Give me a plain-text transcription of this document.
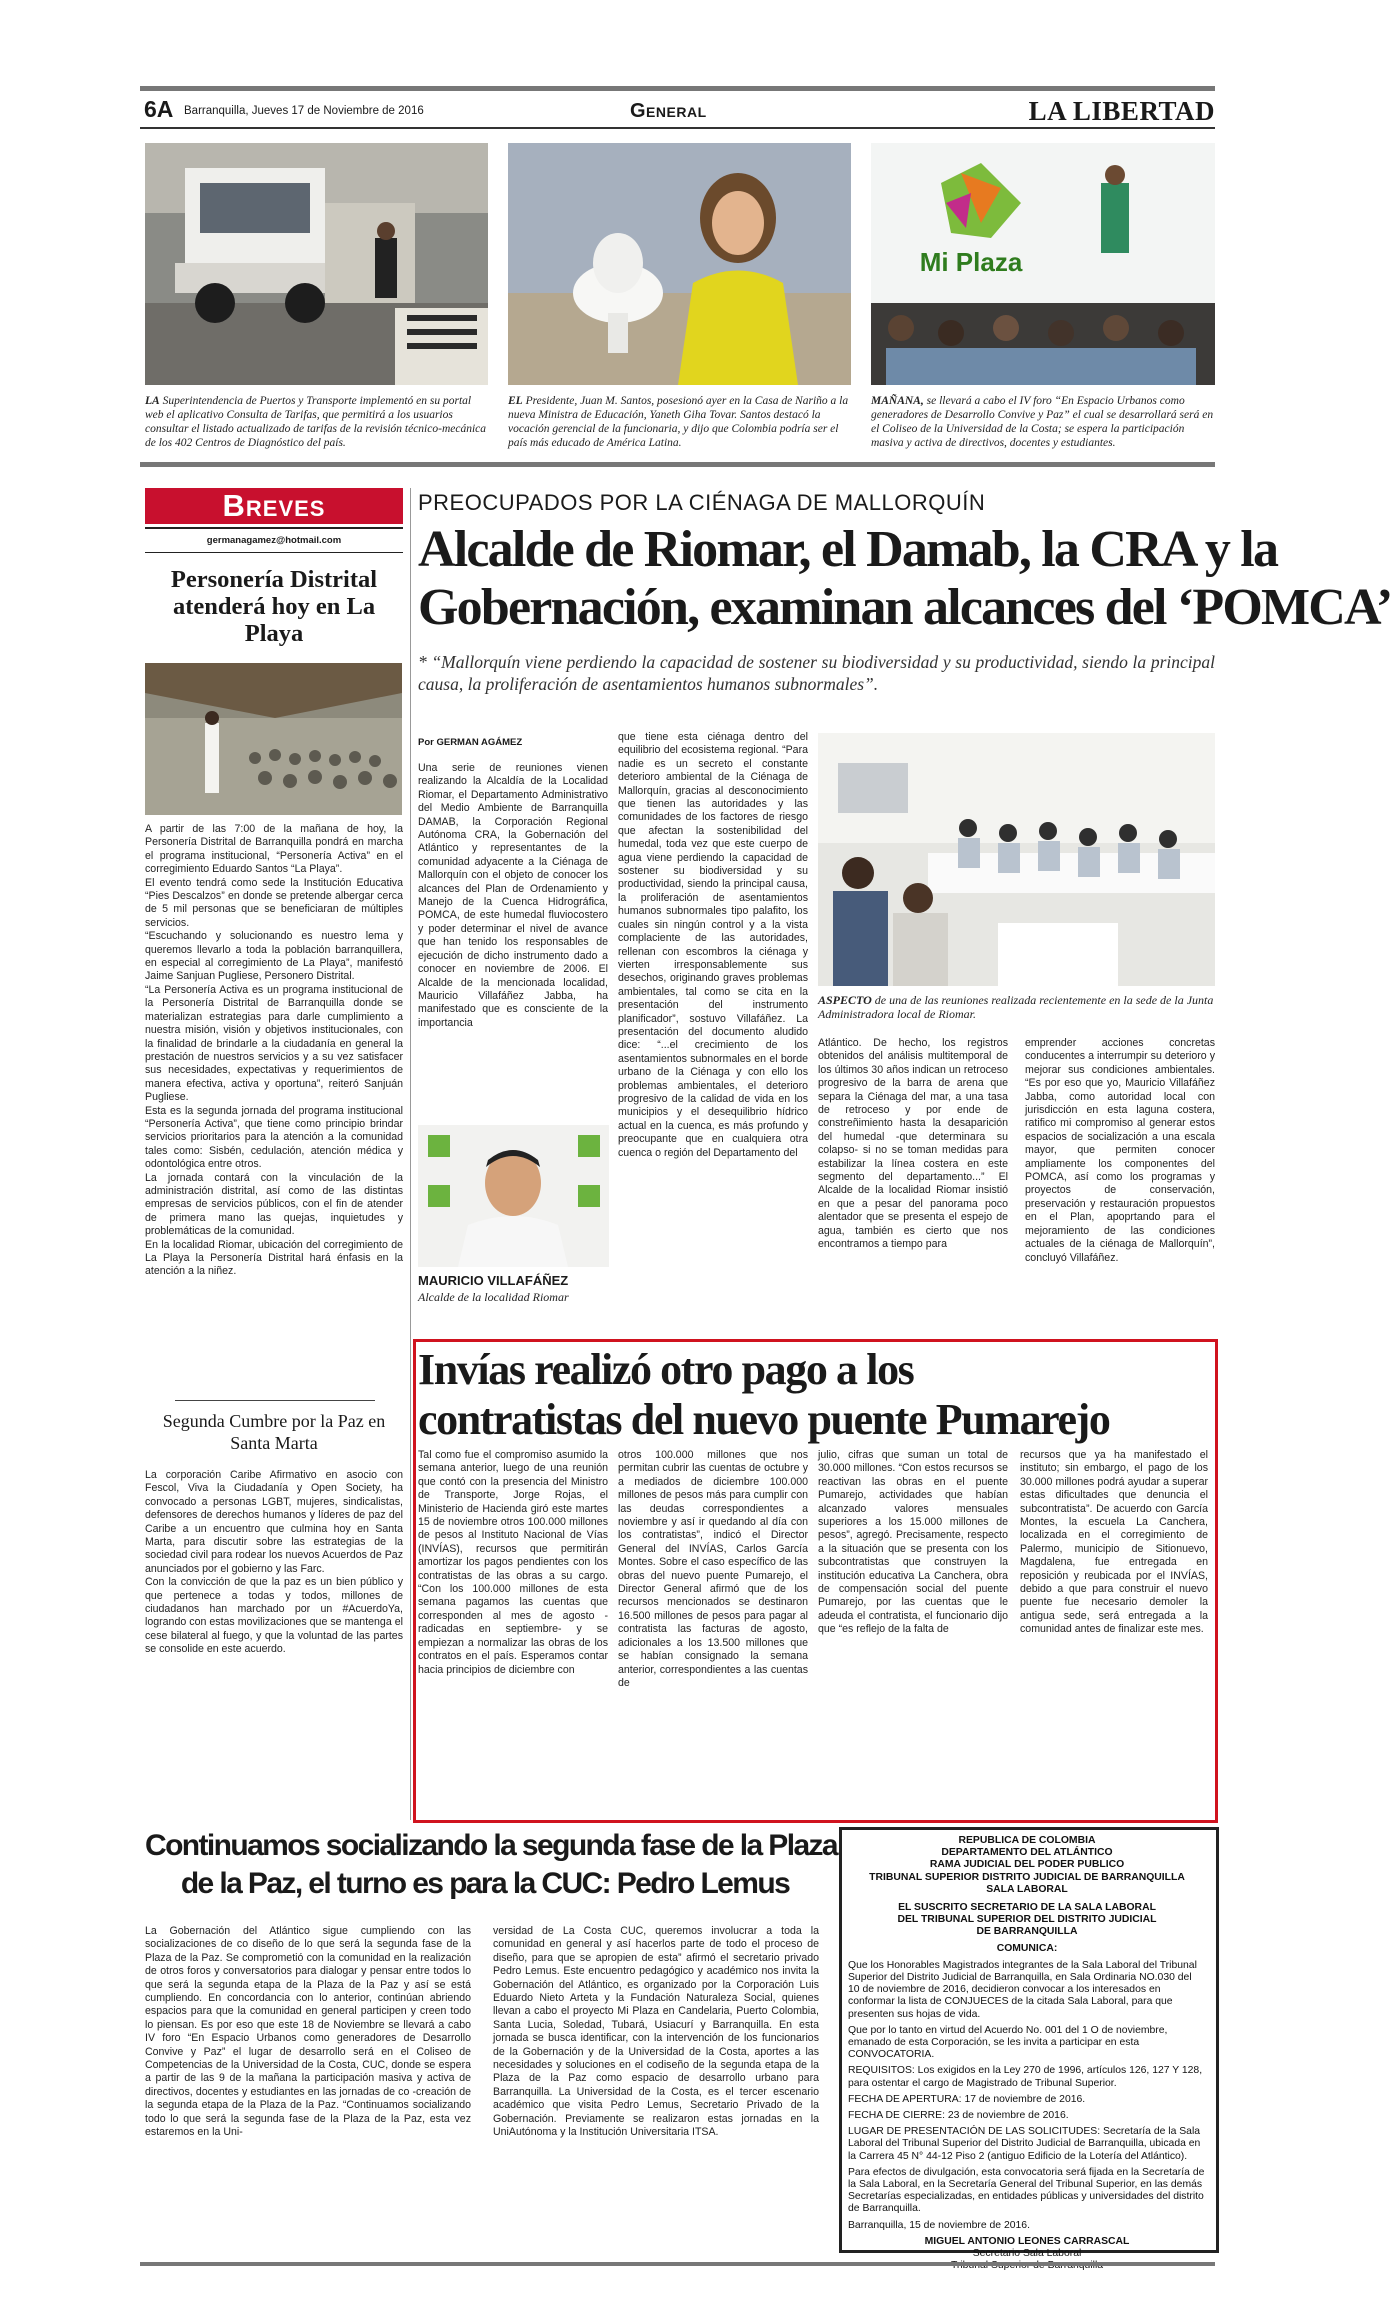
6A Barranquilla, Jueves 17 de Noviembre de 2016	General	LA LIBERTAD
Mi Plaza
LA Superintendencia de Puertos y Transporte implementó en su portal web el aplicativo Consulta de Tarifas, que permitirá a los usuarios consultar el listado actualizado de tarifas de la revisión técnico-mecánica de los 402 Centros de Diagnóstico del país.
EL Presidente, Juan M. Santos, posesionó ayer en la Casa de Nariño a la nueva Ministra de Educación, Yaneth Giha Tovar. Santos destacó la vocación gerencial de la funcionaria, y dijo que Colombia podría ser el país más educado de América Latina.
MAÑANA, se llevará a cabo el IV foro “En Espacio Urbanos como generadores de Desarrollo Convive y Paz” el cual se desarrollará será en el Coliseo de la Universidad de la Costa; se espera la participación masiva y activa de directivos, docentes y estudiantes.
Breves
germanagamez@hotmail.com
Personería Distrital atenderá hoy en La Playa
A partir de las 7:00 de la mañana de hoy, la Personería Distrital de Barranquilla pondrá en marcha el programa institucional, “Personería Activa” en el corregimiento Eduardo Santos “La Playa”.
El evento tendrá como sede la Institución Educativa “Pies Descalzos” en donde se pretende albergar cerca de 5 mil personas que se beneficiaran de múltiples servicios.
“Escuchando y solucionando es nuestro lema y queremos llevarlo a toda la población barranquillera, en especial al corregimiento de La Playa”, manifestó Jaime Sanjuan Pugliese, Personero Distrital.
“La Personería Activa es un programa institucional de la Personería Distrital de Barranquilla donde se materializan estrategias para darle cumplimiento a nuestra misión, visión y objetivos institucionales, con la finalidad de brindarle a la ciudadanía en general la prestación de nuestros servicios y a su vez satisfacer sus necesidades, expectativas y requerimientos de manera efectiva, activa y oportuna”, reiteró Sanjuán Pugliese.
Esta es la segunda jornada del programa institucional “Personería Activa”, que tiene como principio brindar servicios prioritarios para la atención a la comunidad tales como: Sisbén, cedulación, atención médica y odontológica entre otros.
La jornada contará con la vinculación de la administración distrital, así como de las distintas empresas de servicios públicos, con el fin de atender de primera mano las quejas, inquietudes y problemáticas de la comunidad.
En la localidad Riomar, ubicación del corregimiento de La Playa la Personería Distrital hará énfasis en la atención a la niñez.
Segunda Cumbre por la Paz en Santa Marta
La corporación Caribe Afirmativo en asocio con Fescol, Viva la Ciudadanía y Open Society, ha convocado a personas LGBT, mujeres, sindicalistas, defensores de derechos humanos y líderes de paz del Caribe a un encuentro que culmina hoy en Santa Marta, para discutir sobre las estrategias de la sociedad civil para rodear los nuevos Acuerdos de Paz anunciados por el gobierno y las Farc.
Con la convicción de que la paz es un bien público y que pertenece a todas y todos, millones de ciudadanos han marchado por un #AcuerdoYa, logrando con estas movilizaciones que se mantenga el cese bilateral al fuego, y que la voluntad de las partes se consolide en este acuerdo.
PREOCUPADOS POR LA CIÉNAGA DE MALLORQUÍN
Alcalde de Riomar, el Damab, la CRA y la
Gobernación, examinan alcances del ‘POMCA’
* “Mallorquín viene perdiendo la capacidad de sostener su biodiversidad y su productividad, siendo la principal causa, la proliferación de asentamientos humanos subnormales”.
Por GERMAN AGÁMEZ
Una serie de reuniones vienen realizando la Alcaldía de la Localidad Riomar, el Departamento Administrativo del Medio Ambiente de Barranquilla DAMAB, la Corporación Regional Autónoma CRA, la Gobernación del Atlántico y representantes de la comunidad adyacente a la Ciénaga de Mallorquín con el objeto de conocer los alcances del Plan de Ordenamiento y Manejo de la Cuenca Hidrográfica, POMCA, de este humedal fluviocostero y poder determinar el nivel de avance que han tenido los responsables de ejecución de dicho instrumento dado a conocer en noviembre de 2006. El Alcalde de la mencionada localidad, Mauricio Villafáñez Jabba, ha manifestado que es consciente de la importancia
MAURICIO VILLAFÁÑEZ
Alcalde de la localidad Riomar
que tiene esta ciénaga dentro del equilibrio del ecosistema regional. “Para nadie es un secreto el constante deterioro ambiental de la Ciénaga de Mallorquín, gracias al desconocimiento que tienen las autoridades y las comunidades de los factores de riesgo que afectan la sostenibilidad del humedal, toda vez que este cuerpo de agua viene perdiendo la capacidad de sostener su biodiversidad y su productividad, siendo la principal causa, la proliferación de asentamientos humanos subnormales tipo palafito, los cuales sin ningún control y a la vista complaciente de las autoridades, rellenan con escombros la ciénaga y vierten irresponsablemente sus desechos, originando graves problemas ambientales, tal como se cita en la presentación del instrumento planificador”, sostuvo Villafáñez. La presentación del documento aludido dice: “...el crecimiento de los asentamientos subnormales en el borde urbano de la Ciénaga y con ello los problemas ambientales, el deterioro progresivo de la calidad de vida en los municipios y el desequilibrio hídrico actual en la cuenca, es más profundo y preocupante que en cualquiera otra cuenca o región del Departamento del
ASPECTO de una de las reuniones realizada recientemente en la sede de la Junta Administradora local de Riomar.
Atlántico. De hecho, los registros obtenidos del análisis multitemporal de los últimos 30 años indican un retroceso progresivo de la barra de arena que separa la Ciénaga del mar, a una tasa de retroceso y por ende de constreñimiento hasta la desaparición del humedal -que determinara su colapso- si no se toman medidas para estabilizar la línea costera en este segmento del departamento...” El Alcalde de la localidad Riomar insistió en que a pesar del panorama poco alentador que se presenta el espejo de agua, también es cierto que nos encontramos a tiempo para
emprender acciones concretas conducentes a interrumpir su deterioro y mejorar sus condiciones ambientales. “Es por eso que yo, Mauricio Villafáñez Jabba, como autoridad local con jurisdicción en esta laguna costera, ratifico mi compromiso al generar estos espacios de socialización a una escala mayor, que permiten conocer ampliamente los componentes del POMCA, así como los programas y proyectos de conservación, preservación y restauración propuestos en el Plan, apoprtando para el mejoramiento de las condiciones actuales de la ciénaga de Mallorquín”, concluyó Villafáñez.
Invías realizó otro pago a los
contratistas del nuevo puente Pumarejo
Tal como fue el compromiso asumido la semana anterior, luego de una reunión que contó con la presencia del Ministro de Transporte, Jorge Rojas, el Ministerio de Hacienda giró este martes 15 de noviembre otros 100.000 millones de pesos al Instituto Nacional de Vías (INVÍAS), recursos que permitirán amortizar los pagos pendientes con los contratistas de las obras a su cargo. “Con los 100.000 millones de esta semana pagamos las cuentas que corresponden al mes de agosto -radicadas en septiembre- y se empiezan a normalizar las obras de los contratos en el país. Esperamos contar hacia principios de diciembre con
otros 100.000 millones que nos permitan cubrir las cuentas de octubre y a mediados de diciembre 100.000 millones de pesos más para cumplir con las deudas correspondientes a noviembre y así ir quedando al día con los contratistas”, indicó el Director General del INVÍAS, Carlos García Montes. Sobre el caso específico de las obras del nuevo puente Pumarejo, el Director General afirmó que de los recursos mencionados se destinaron 16.500 millones de pesos para pagar al contratista las facturas de agosto, adicionales a los 13.500 millones que se habían consignado la semana anterior, correspondientes a las cuentas de
julio, cifras que suman un total de 30.000 millones. “Con estos recursos se reactivan las obras en el puente Pumarejo, actividades que habían alcanzado valores mensuales superiores a los 15.000 millones de pesos”, agregó. Precisamente, respecto a la situación que se presenta con los subcontratistas que construyen la institución educativa La Canchera, obra de compensación social del puente Pumarejo, por las cuentas que le adeuda el contratista, el funcionario dijo que “es reflejo de la falta de
recursos que ya ha manifestado el instituto; sin embargo, el pago de los 30.000 millones podrá ayudar a superar estas dificultades que denuncia el subcontratista”. De acuerdo con García Montes, la escuela La Canchera, localizada en el corregimiento de Palermo, municipio de Sitionuevo, Magdalena, fue entregada en reposición y reubicada por el INVÍAS, debido a que para construir el nuevo puente fue necesario demoler la antigua sede, será entregada a la comunidad antes de finalizar este mes.
Continuamos socializando la segunda fase de la Plaza
de la Paz, el turno es para la CUC: Pedro Lemus
La Gobernación del Atlántico sigue cumpliendo con las socializaciones de co diseño de lo que será la segunda fase de la Plaza de la Paz. Se comprometió con la comunidad en la realización de otros foros y conversatorios para dialogar y pensar entre todos lo que será la segunda etapa de la Plaza de la Paz y así se está cumpliendo. En concordancia con lo anterior, continúan abriendo espacios para que la comunidad en general participen y creen todo lo piensan. Es por eso que este 18 de Noviembre se llevará a cabo IV foro “En Espacio Urbanos como generadores de Desarrollo Convive y Paz” el lugar de desarrollo será en el Coliseo de Competencias de la Universidad de la Costa, CUC, donde se espera a partir de las 9 de la mañana la participación masiva y activa de directivos, docentes y estudiantes en las jornadas de co -creación de la segunda etapa de la Plaza de la Paz. “Continuamos socializando todo lo que será la segunda fase de la Plaza de la Paz, esta vez estaremos en la Uni-
versidad de La Costa CUC, queremos involucrar a toda la comunidad en general y así hacerlos parte de todo el proceso de diseño, para que se apropien de esta” afirmó el secretario privado Pedro Lemus. Este encuentro pedagógico y académico nos invita la Gobernación del Atlántico, es organizado por la Corporación Luis Eduardo Nieto Arteta y la Fundación Naturaleza Social, quienes llevan a cabo el proyecto Mi Plaza en Candelaria, Puerto Colombia, Santa Lucia, Soledad, Tubará, Usiacurí y Barranquilla. En esta jornada se busca identificar, con la intervención de los funcionarios de la Gobernación y de la Universidad de la Costa, aportes a las necesidades y soluciones en el codiseño de la segunda etapa de la Plaza de la Paz como espacio de desarrollo urbano para Barranquilla. La Universidad de la Costa, es el tercer escenario académico que visita Pedro Lemus, Secretario Privado de la Gobernación. Previamente se realizaron estas jornadas en la UniAutónoma y la Institución Universitaria ITSA.
REPUBLICA DE COLOMBIA
DEPARTAMENTO DEL ATLÁNTICO
RAMA JUDICIAL DEL PODER PUBLICO
TRIBUNAL SUPERIOR DISTRITO JUDICIAL DE BARRANQUILLA
SALA LABORAL
EL SUSCRITO SECRETARIO DE LA SALA LABORAL
DEL TRIBUNAL SUPERIOR DEL DISTRITO JUDICIAL
DE BARRANQUILLA
COMUNICA:
Que los Honorables Magistrados integrantes de la Sala Laboral del Tribunal Superior del Distrito Judicial de Barranquilla, en Sala Ordinaria NO.030 del 10 de noviembre de 2016, decidieron convocar a los interesados en conformar la lista de CONJUECES de la citada Sala Laboral, para que presenten sus hojas de vida.
Que por lo tanto en virtud del Acuerdo No. 001 del 1 O de noviembre, emanado de esta Corporación, se les invita a participar en esta CONVOCATORIA.
REQUISITOS: Los exigidos en la Ley 270 de 1996, artículos 126, 127 Y 128, para ostentar el cargo de Magistrado de Tribunal Superior.
FECHA DE APERTURA: 17 de noviembre de 2016.
FECHA DE CIERRE: 23 de noviembre de 2016.
LUGAR DE PRESENTACIÓN DE LAS SOLICITUDES: Secretaría de la Sala Laboral del Tribunal Superior del Distrito Judicial de Barranquilla, ubicada en la Carrera 45 N° 44-12 Piso 2 (antiguo Edificio de la Lotería del Atlántico).
Para efectos de divulgación, esta convocatoria será fijada en la Secretaría de la Sala Laboral, en la Secretaría General del Tribunal Superior, en las demás Secretarías especializadas, en entidades públicas y universidades del distrito de Barranquilla.
Barranquilla, 15 de noviembre de 2016.
MIGUEL ANTONIO LEONES CARRASCAL
Secretario Sala Laboral
